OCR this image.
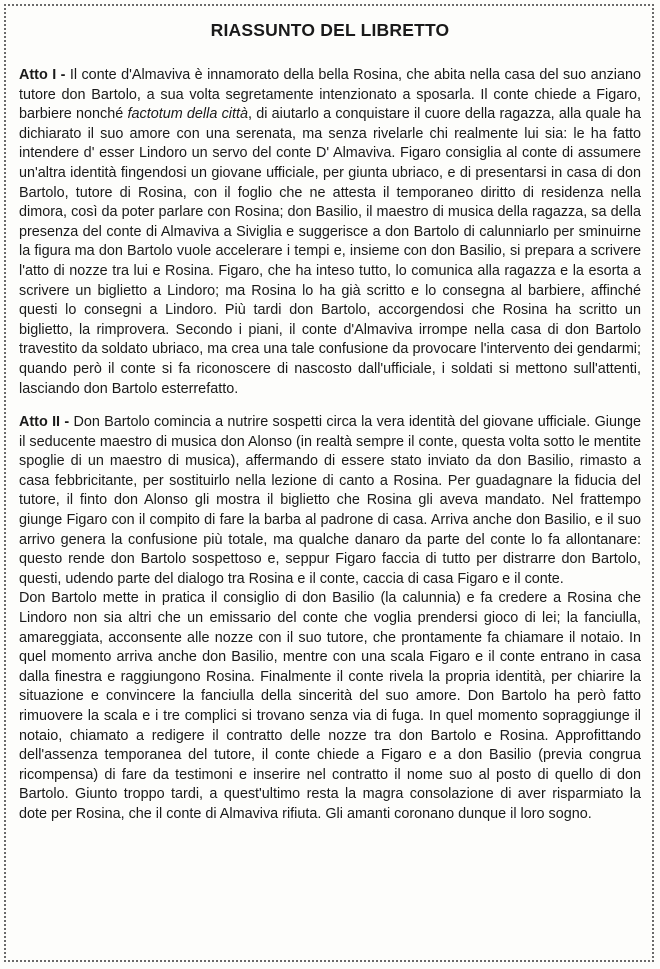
RIASSUNTO DEL LIBRETTO

Atto I - Il conte d'Almaviva è innamorato della bella Rosina, che abita nella casa del suo anziano tutore don Bartolo, a sua volta segretamente intenzionato a sposarla. Il conte chiede a Figaro, barbiere nonché factotum della città, di aiutarlo a conquistare il cuore della ragazza, alla quale ha dichiarato il suo amore con una serenata, ma senza rivelarle chi realmente lui sia: le ha fatto intendere d' esser Lindoro un servo del conte D' Almaviva. Figaro consiglia al conte di assumere un'altra identità fingendosi un giovane ufficiale, per giunta ubriaco, e di presentarsi in casa di don Bartolo, tutore di Rosina, con il foglio che ne attesta il temporaneo diritto di residenza nella dimora, così da poter parlare con Rosina; don Basilio, il maestro di musica della ragazza, sa della presenza del conte di Almaviva a Siviglia e suggerisce a don Bartolo di calunniarlo per sminuirne la figura ma don Bartolo vuole accelerare i tempi e, insieme con don Basilio, si prepara a scrivere l'atto di nozze tra lui e Rosina. Figaro, che ha inteso tutto, lo comunica alla ragazza e la esorta a scrivere un biglietto a Lindoro; ma Rosina lo ha già scritto e lo consegna al barbiere, affinché questi lo consegni a Lindoro. Più tardi don Bartolo, accorgendosi che Rosina ha scritto un biglietto, la rimprovera. Secondo i piani, il conte d'Almaviva irrompe nella casa di don Bartolo travestito da soldato ubriaco, ma crea una tale confusione da provocare l'intervento dei gendarmi; quando però il conte si fa riconoscere di nascosto dall'ufficiale, i soldati si mettono sull'attenti, lasciando don Bartolo esterrefatto.

Atto II - Don Bartolo comincia a nutrire sospetti circa la vera identità del giovane ufficiale. Giunge il seducente maestro di musica don Alonso (in realtà sempre il conte, questa volta sotto le mentite spoglie di un maestro di musica), affermando di essere stato inviato da don Basilio, rimasto a casa febbricitante, per sostituirlo nella lezione di canto a Rosina. Per guadagnare la fiducia del tutore, il finto don Alonso gli mostra il biglietto che Rosina gli aveva mandato. Nel frattempo giunge Figaro con il compito di fare la barba al padrone di casa. Arriva anche don Basilio, e il suo arrivo genera la confusione più totale, ma qualche danaro da parte del conte lo fa allontanare: questo rende don Bartolo sospettoso e, seppur Figaro faccia di tutto per distrarre don Bartolo, questi, udendo parte del dialogo tra Rosina e il conte, caccia di casa Figaro e il conte.

Don Bartolo mette in pratica il consiglio di don Basilio (la calunnia) e fa credere a Rosina che Lindoro non sia altri che un emissario del conte che voglia prendersi gioco di lei; la fanciulla, amareggiata, acconsente alle nozze con il suo tutore, che prontamente fa chiamare il notaio. In quel momento arriva anche don Basilio, mentre con una scala Figaro e il conte entrano in casa dalla finestra e raggiungono Rosina. Finalmente il conte rivela la propria identità, per chiarire la situazione e convincere la fanciulla della sincerità del suo amore. Don Bartolo ha però fatto rimuovere la scala e i tre complici si trovano senza via di fuga. In quel momento sopraggiunge il notaio, chiamato a redigere il contratto delle nozze tra don Bartolo e Rosina. Approfittando dell'assenza temporanea del tutore, il conte chiede a Figaro e a don Basilio (previa congrua ricompensa) di fare da testimoni e inserire nel contratto il nome suo al posto di quello di don Bartolo. Giunto troppo tardi, a quest'ultimo resta la magra consolazione di aver risparmiato la dote per Rosina, che il conte di Almaviva rifiuta. Gli amanti coronano dunque il loro sogno.
